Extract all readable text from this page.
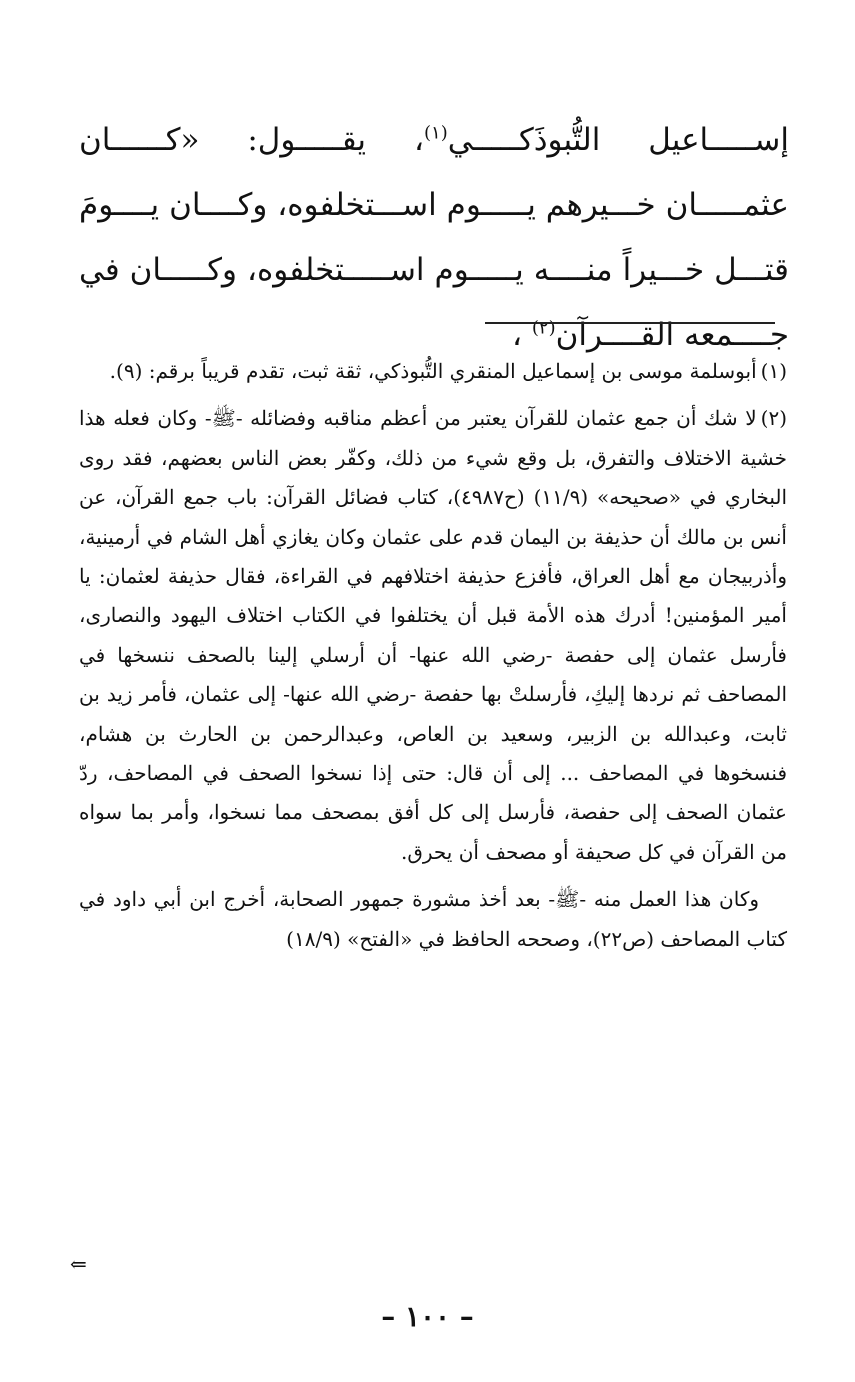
إســـــاعيل التُّبوذَكـــــي$^{(١)}$، يقـــــول: «كــــــان عثمـــــان خـــيرهم يـــــوم اســـتخلفوه، وكــــان يــــومَ قتـــل خـــيراً منــــه يـــــوم اســـــتخلفوه، وكـــــان في جــــمعه القــــرآن$^{(٢)}$ ،

(١)أبوسلمة موسى بن إسماعيل المنقري التُّبوذكي، ثقة ثبت، تقدم قريباً برقم: (٩).

(٢)لا شك أن جمع عثمان للقرآن يعتبر من أعظم مناقبه وفضائله -ﷺ- وكان فعله هذا خشية الاختلاف والتفرق، بل وقع شيء من ذلك، وكفّر بعض الناس بعضهم، فقد روى البخاري في «صحيحه» (١١/٩) (ح٤٩٨٧)، كتاب فضائل القرآن: باب جمع القرآن، عن أنس بن مالك أن حذيفة بن اليمان قدم على عثمان وكان يغازي أهل الشام في أرمينية، وأذربيجان مع أهل العراق، فأفزع حذيفة اختلافهم في القراءة، فقال حذيفة لعثمان: يا أمير المؤمنين! أدرك هذه الأمة قبل أن يختلفوا في الكتاب اختلاف اليهود والنصارى، فأرسل عثمان إلى حفصة -رضي الله عنها- أن أرسلي إلينا بالصحف ننسخها في المصاحف ثم نردها إليكِ، فأرسلتْ بها حفصة -رضي الله عنها- إلى عثمان، فأمر زيد بن ثابت، وعبدالله بن الزبير، وسعيد بن العاص، وعبدالرحمن بن الحارث بن هشام، فنسخوها في المصاحف ... إلى أن قال: حتى إذا نسخوا الصحف في المصاحف، ردّ عثمان الصحف إلى حفصة، فأرسل إلى كل أفق بمصحف مما نسخوا، وأمر بما سواه من القرآن في كل صحيفة أو مصحف أن يحرق.

وكان هذا العمل منه -ﷺ- بعد أخذ مشورة جمهور الصحابة، أخرج ابن أبي داود في كتاب المصاحف (ص٢٢)، وصححه الحافظ في «الفتح» (١٨/٩)

⇐
– ١٠٠ –
